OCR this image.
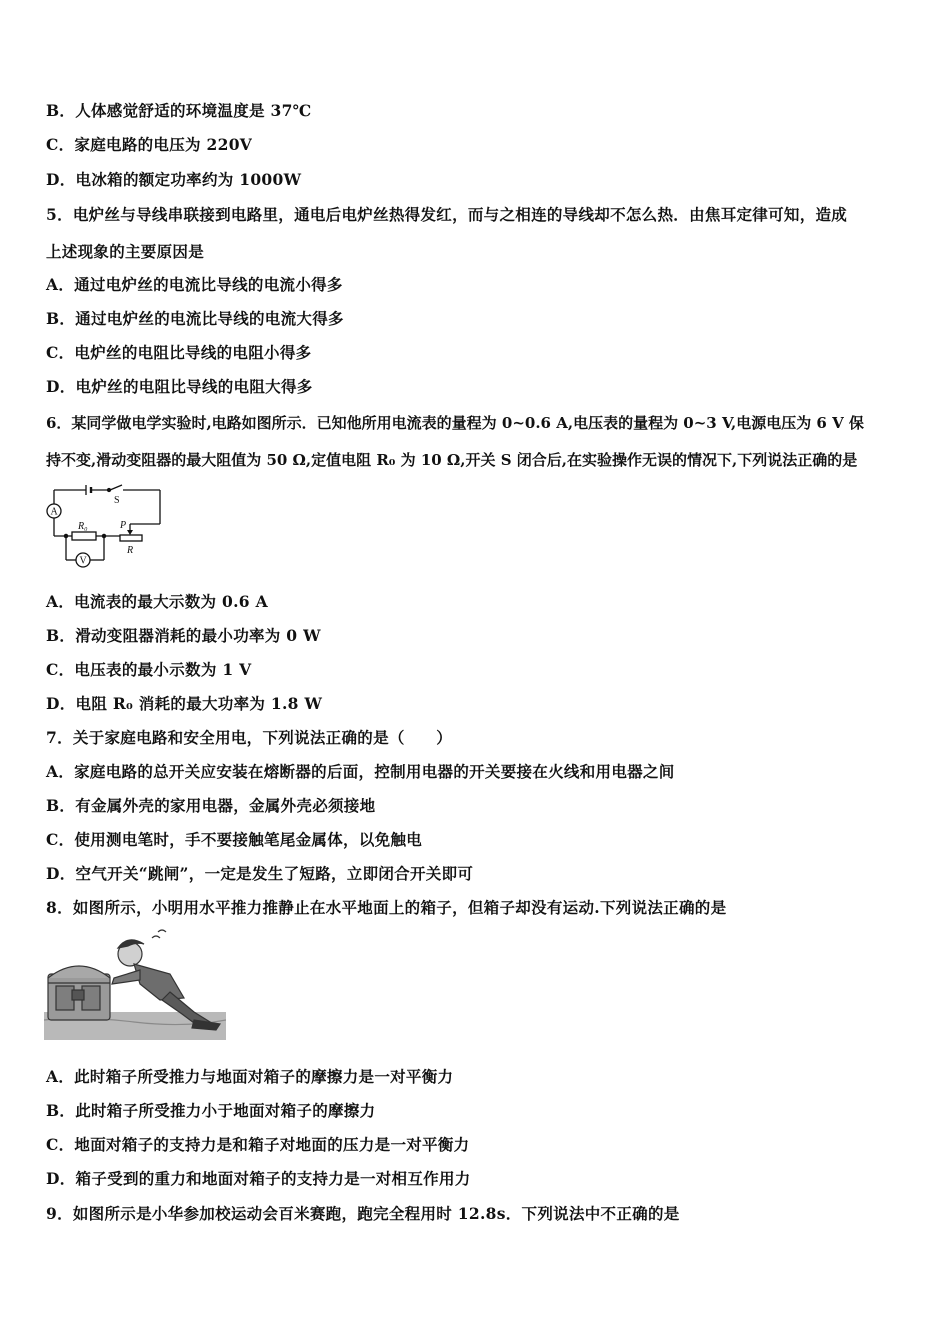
B．人体感觉舒适的环境温度是 37℃
C．家庭电路的电压为 220V
D．电冰箱的额定功率约为 1000W
5．电炉丝与导线串联接到电路里，通电后电炉丝热得发红，而与之相连的导线却不怎么热．由焦耳定律可知，造成
上述现象的主要原因是
A．通过电炉丝的电流比导线的电流小得多
B．通过电炉丝的电流比导线的电流大得多
C．电炉丝的电阻比导线的电阻小得多
D．电炉丝的电阻比导线的电阻大得多
6．某同学做电学实验时,电路如图所示．已知他所用电流表的量程为 0~0.6 A,电压表的量程为 0~3 V,电源电压为 6 V 保
持不变,滑动变阻器的最大阻值为 50 Ω,定值电阻 R₀ 为 10 Ω,开关 S 闭合后,在实验操作无误的情况下,下列说法正确的是
S
P
A
R₀
R
V
A．电流表的最大示数为 0.6 A
B．滑动变阻器消耗的最小功率为 0 W
C．电压表的最小示数为 1 V
D．电阻 R₀ 消耗的最大功率为 1.8 W
7．关于家庭电路和安全用电，下列说法正确的是（　　）
A．家庭电路的总开关应安装在熔断器的后面，控制用电器的开关要接在火线和用电器之间
B．有金属外壳的家用电器，金属外壳必须接地
C．使用测电笔时，手不要接触笔尾金属体，以免触电
D．空气开关“跳闸”，一定是发生了短路，立即闭合开关即可
8．如图所示，小明用水平推力推静止在水平地面上的箱子，但箱子却没有运动.下列说法正确的是
A．此时箱子所受推力与地面对箱子的摩擦力是一对平衡力
B．此时箱子所受推力小于地面对箱子的摩擦力
C．地面对箱子的支持力是和箱子对地面的压力是一对平衡力
D．箱子受到的重力和地面对箱子的支持力是一对相互作用力
9．如图所示是小华参加校运动会百米赛跑，跑完全程用时 12.8s．下列说法中不正确的是
